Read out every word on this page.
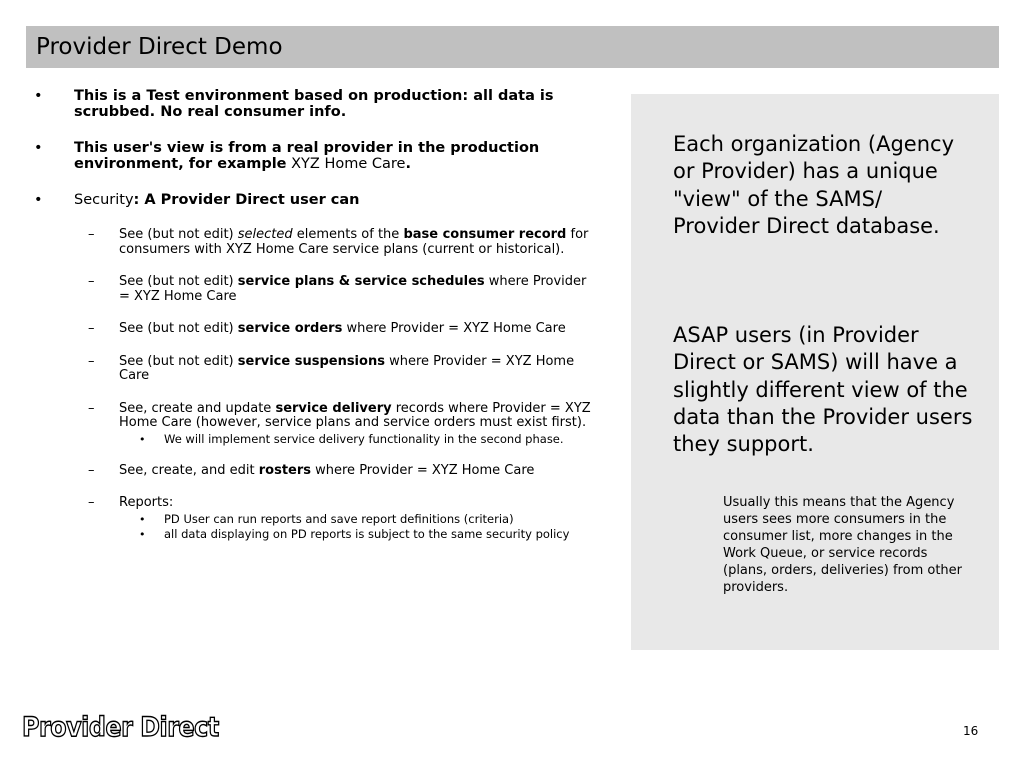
Provider Direct Demo
• This is a Test environment based on production: all data is scrubbed. No real consumer info.
• This user's view is from a real provider in the production environment, for example XYZ Home Care.
• Security: A Provider Direct user can
– See (but not edit) selected elements of the base consumer record for consumers with XYZ Home Care service plans (current or historical).
– See (but not edit) service plans & service schedules where Provider = XYZ Home Care
– See (but not edit) service orders where Provider = XYZ Home Care
– See (but not edit) service suspensions where Provider = XYZ Home Care
– See, create and update service delivery records where Provider = XYZ Home Care (however, service plans and service orders must exist first).
• We will implement service delivery functionality in the second phase.
– See, create, and edit rosters where Provider = XYZ Home Care
– Reports:
• PD User can run reports and save report definitions (criteria)
• all data displaying on PD reports is subject to the same security policy
Each organization (Agency or Provider) has a unique "view" of the SAMS/ Provider Direct database.
ASAP users (in Provider Direct or SAMS) will have a slightly different view of the data than the Provider users they support.
Usually this means that the Agency users sees more consumers in the consumer list, more changes in the Work Queue, or service records (plans, orders, deliveries) from other providers.
Provider Direct	16
